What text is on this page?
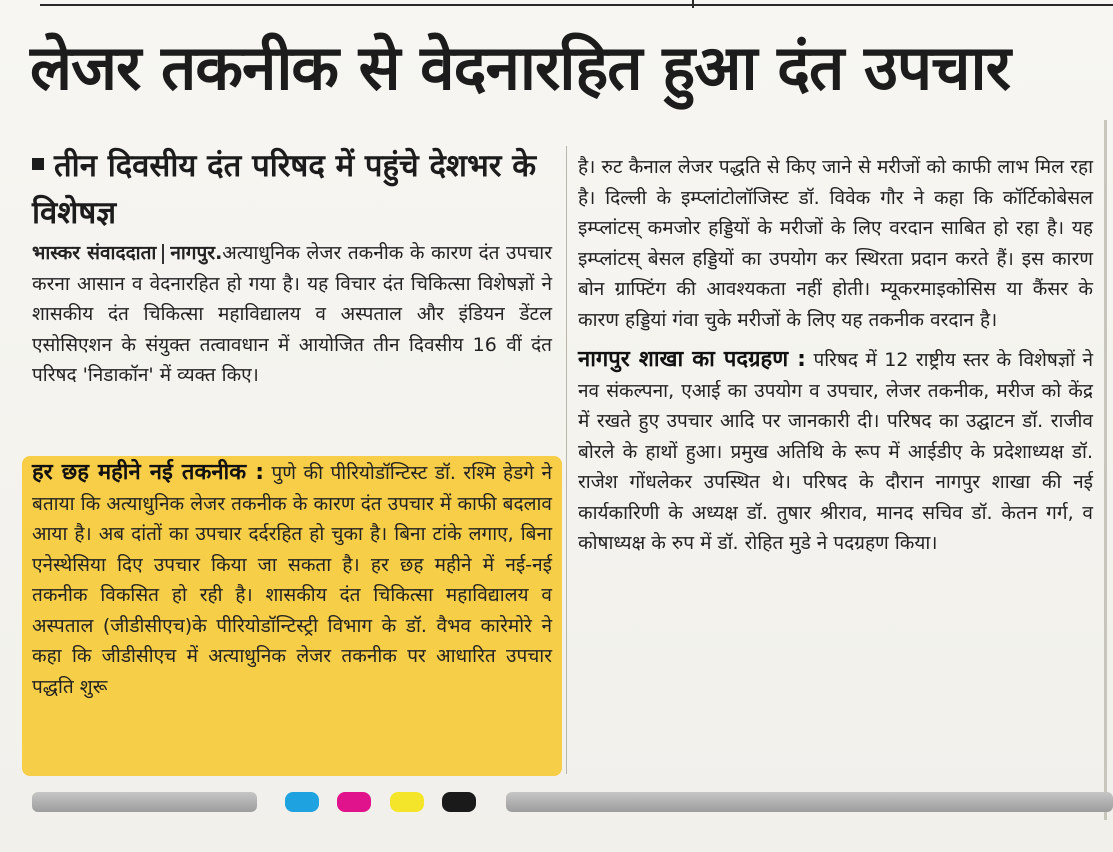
लेजर तकनीक से वेदनारहित हुआ दंत उपचार
तीन दिवसीय दंत परिषद में पहुंचे देशभर के विशेषज्ञ

भास्कर संवाददाता नागपुर.अत्याधुनिक लेजर तकनीक के कारण दंत उपचार करना आसान व वेदनारहित हो गया है। यह विचार दंत चिकित्सा विशेषज्ञों ने शासकीय दंत चिकित्सा महाविद्यालय व अस्पताल और इंडियन डेंटल एसोसिएशन के संयुक्त तत्वावधान में आयोजित तीन दिवसीय 16 वीं दंत परिषद 'निडाकॉन' में व्यक्त किए।

हर छह महीने नई तकनीक : पुणे की पीरियोडॉन्टिस्ट डॉ. रश्मि हेडगे ने बताया कि अत्याधुनिक लेजर तकनीक के कारण दंत उपचार में काफी बदलाव आया है। अब दांतों का उपचार दर्दरहित हो चुका है। बिना टांके लगाए, बिना एनेस्थेसिया दिए उपचार किया जा सकता है। हर छह महीने में नई-नई तकनीक विकसित हो रही है। शासकीय दंत चिकित्सा महाविद्यालय व अस्पताल (जीडीसीएच)के पीरियोडॉन्टिस्ट्री विभाग के डॉ. वैभव कारेमोरे ने कहा कि जीडीसीएच में अत्याधुनिक लेजर तकनीक पर आधारित उपचार पद्धति शुरू

है। रुट कैनाल लेजर पद्धति से किए जाने से मरीजों को काफी लाभ मिल रहा है। दिल्ली के इम्प्लांटोलॉजिस्ट डॉ. विवेक गौर ने कहा कि कॉर्टिकोबेसल इम्प्लांटस् कमजोर हड्डियों के मरीजों के लिए वरदान साबित हो रहा है। यह इम्प्लांटस् बेसल हड्डियों का उपयोग कर स्थिरता प्रदान करते हैं। इस कारण बोन ग्राफ्टिंग की आवश्यकता नहीं होती। म्यूकरमाइकोसिस या कैंसर के कारण हड्डियां गंवा चुके मरीजों के लिए यह तकनीक वरदान है।

नागपुर शाखा का पदग्रहण : परिषद में 12 राष्ट्रीय स्तर के विशेषज्ञों ने नव संकल्पना, एआई का उपयोग व उपचार, लेजर तकनीक, मरीज को केंद्र में रखते हुए उपचार आदि पर जानकारी दी। परिषद का उद्घाटन डॉ. राजीव बोरले के हाथों हुआ। प्रमुख अतिथि के रूप में आईडीए के प्रदेशाध्यक्ष डॉ. राजेश गोंधलेकर उपस्थित थे। परिषद के दौरान नागपुर शाखा की नई कार्यकारिणी के अध्यक्ष डॉ. तुषार श्रीराव, मानद सचिव डॉ. केतन गर्ग, व कोषाध्यक्ष के रुप में डॉ. रोहित मुडे ने पदग्रहण किया।
